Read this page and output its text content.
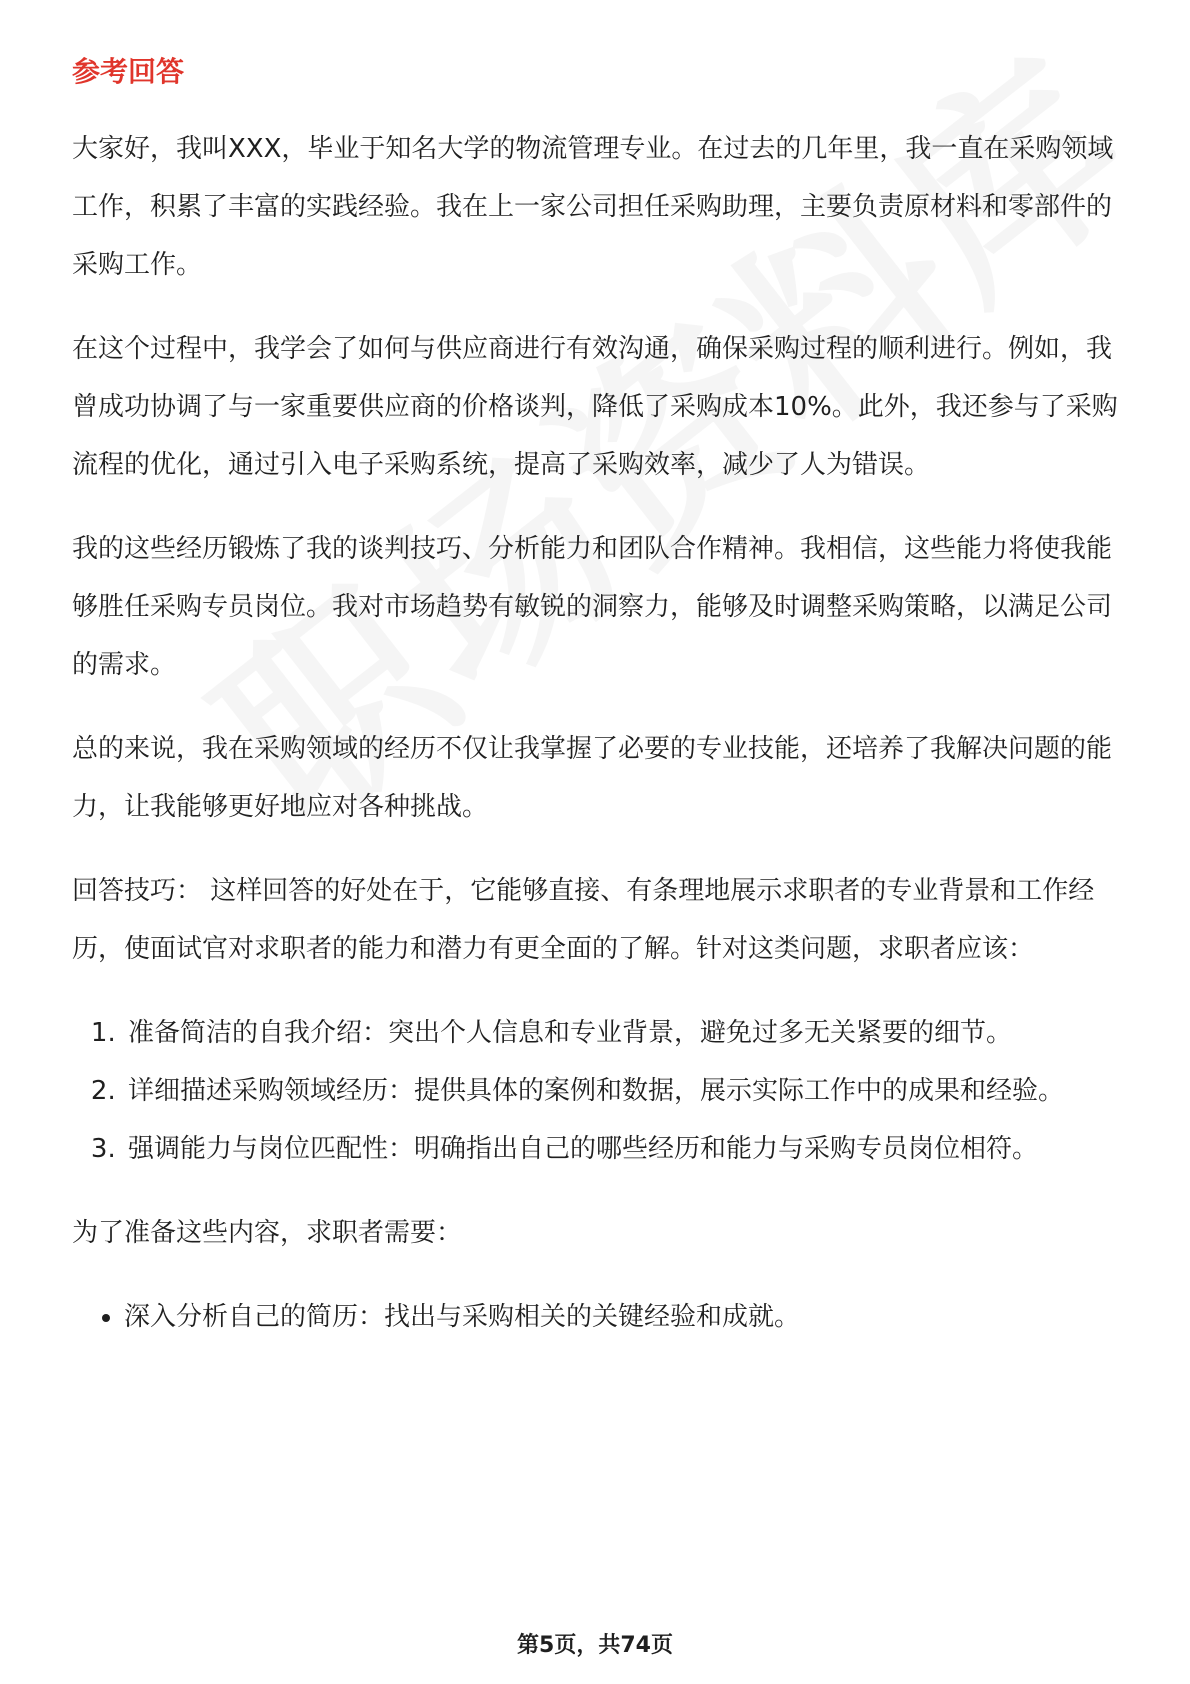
参考回答

大家好，我叫XXX，毕业于知名大学的物流管理专业。在过去的几年里，我一直在采购领域工作，积累了丰富的实践经验。我在上一家公司担任采购助理，主要负责原材料和零部件的采购工作。

在这个过程中，我学会了如何与供应商进行有效沟通，确保采购过程的顺利进行。例如，我曾成功协调了与一家重要供应商的价格谈判，降低了采购成本10%。此外，我还参与了采购流程的优化，通过引入电子采购系统，提高了采购效率，减少了人为错误。

我的这些经历锻炼了我的谈判技巧、分析能力和团队合作精神。我相信，这些能力将使我能够胜任采购专员岗位。我对市场趋势有敏锐的洞察力，能够及时调整采购策略，以满足公司的需求。

总的来说，我在采购领域的经历不仅让我掌握了必要的专业技能，还培养了我解决问题的能力，让我能够更好地应对各种挑战。

回答技巧： 这样回答的好处在于，它能够直接、有条理地展示求职者的专业背景和工作经历，使面试官对求职者的能力和潜力有更全面的了解。针对这类问题，求职者应该：

1. 准备简洁的自我介绍：突出个人信息和专业背景，避免过多无关紧要的细节。
2. 详细描述采购领域经历：提供具体的案例和数据，展示实际工作中的成果和经验。
3. 强调能力与岗位匹配性：明确指出自己的哪些经历和能力与采购专员岗位相符。

为了准备这些内容，求职者需要：

• 深入分析自己的简历：找出与采购相关的关键经验和成就。
第5页，共74页
